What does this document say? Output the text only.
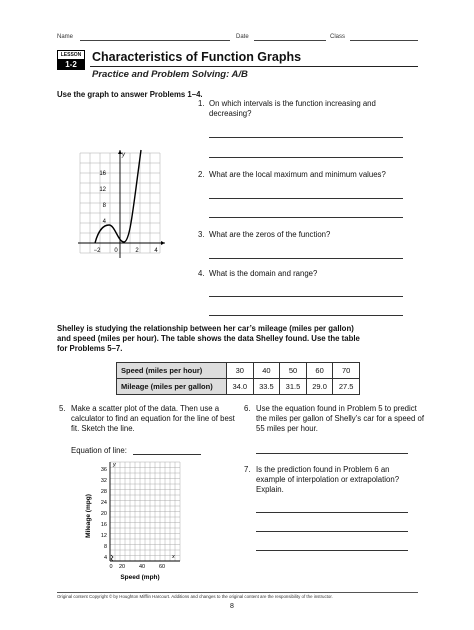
Name	Date	Class
LESSON
1-2
Characteristics of Function Graphs
Practice and Problem Solving: A/B
Use the graph to answer Problems 1–4.
y
16
12
8
4
−2 0	2	4
1. On which intervals is the function increasing and decreasing?
2. What are the local maximum and minimum values?
3. What are the zeros of the function?
4. What is the domain and range?
Shelley is studying the relationship between her car’s mileage (miles per gallon) and speed (miles per hour). The table shows the data Shelley found. Use the table for Problems 5–7.
Speed (miles per hour)	30	40	50	60	70
Mileage (miles per gallon)	34.0	33.5	31.5	29.0	27.5
5. Make a scatter plot of the data. Then use a calculator to find an equation for the line of best fit. Sketch the line.
Equation of line:
y
x
36
32
28
24
20
16
12
8
4
0 20	40	60
Speed (mph)
Mileage (mpg)
6. Use the equation found in Problem 5 to predict the miles per gallon of Shelly’s car for a speed of 55 miles per hour.
7. Is the prediction found in Problem 6 an example of interpolation or extrapolation? Explain.
Original content Copyright © by Houghton Mifflin Harcourt. Additions and changes to the original content are the responsibility of the instructor.
8
